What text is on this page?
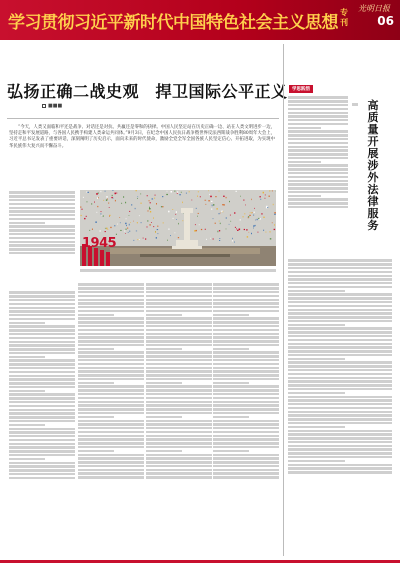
学习贯彻习近平新时代中国特色社会主义思想
专刊
光明日报
06
弘扬正确二战史观　捍卫国际公平正义
■■■
“今天，人类又面临和平还是战争、对话还是对抗、共赢还是零和的抉择。中国人民坚定站在历史正确一边、站在人类文明进步一边，坚持走和平发展道路，与各国人民携手构建人类命运共同体。”9月3日，在纪念中国人民抗日战争暨世界反法西斯战争胜利80周年大会上，习近平总书记发表了重要讲话，深刻阐明了历史启示，面向未来的时代使命，激励全党全军全国各族人民坚定信心、开拓进取，为实现中华民族伟大复兴而不懈奋斗。
1945
学思践悟
高质量开展涉外法律服务
